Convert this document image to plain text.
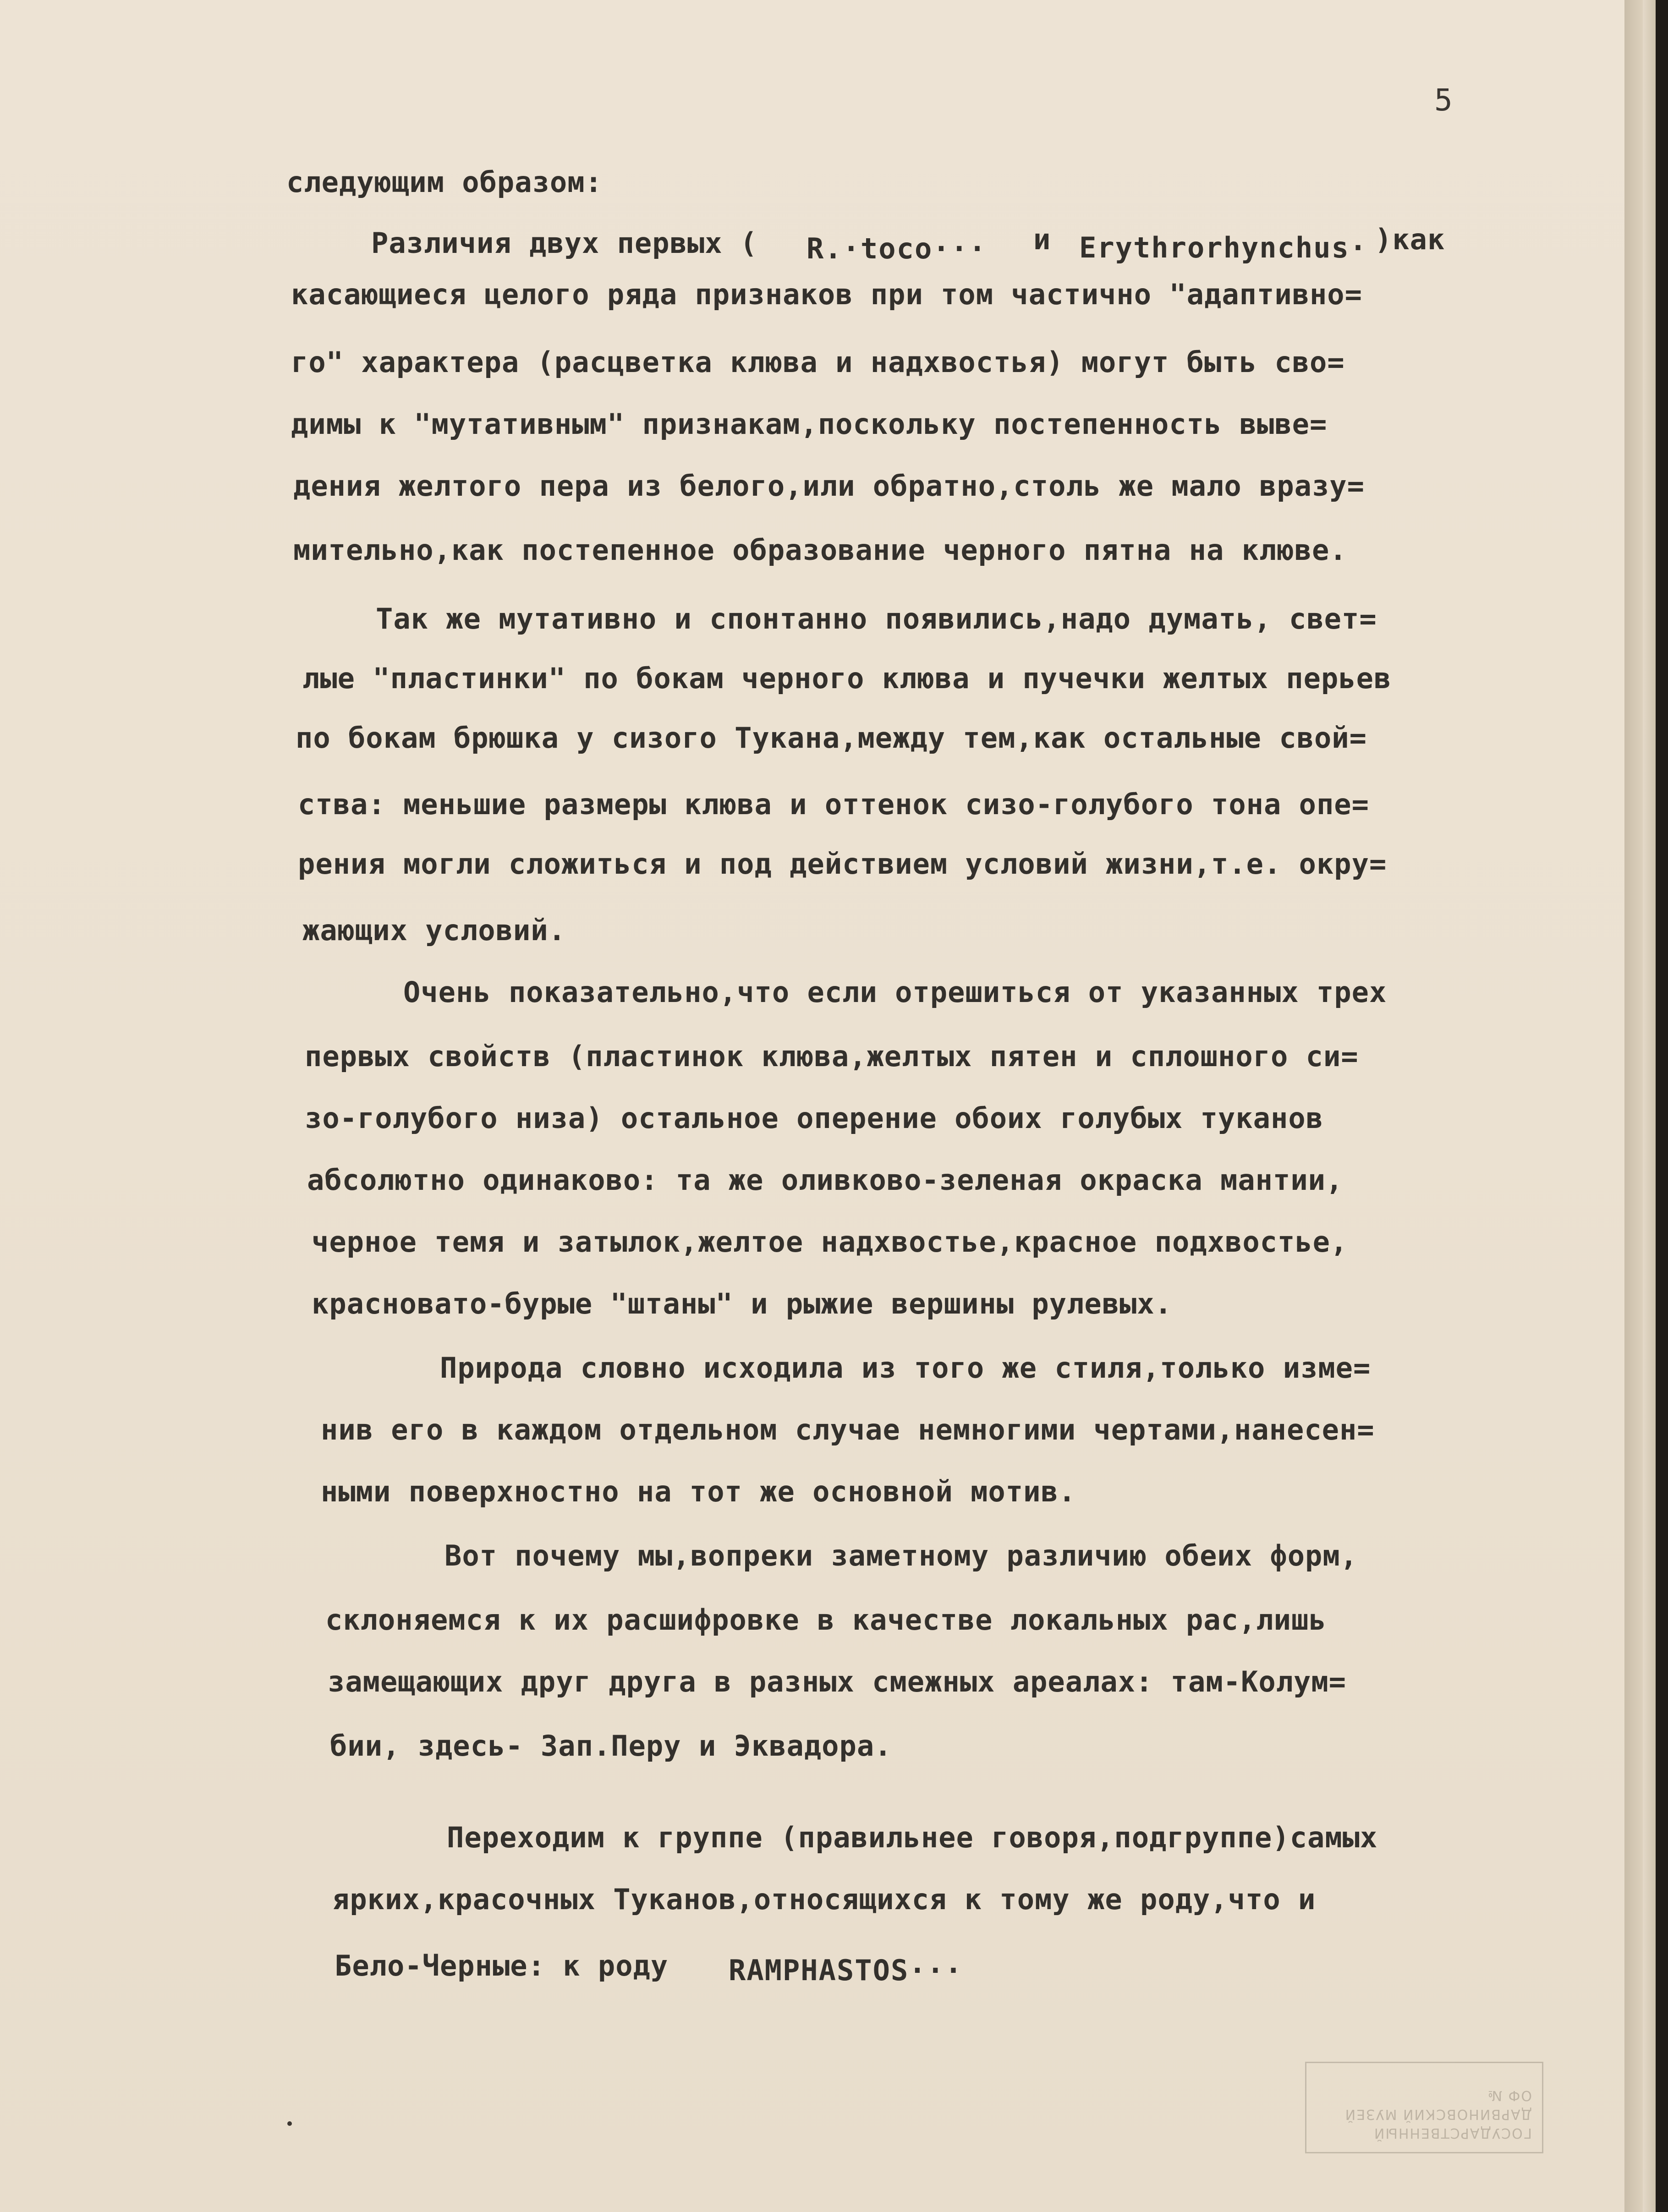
5
следующим образом:
Различия двух первых ( R.·toco··· и Erythrorhynchus· )как
касающиеся целого ряда признаков при том частично "адаптивно=
го" характера (расцветка клюва и надхвостья) могут быть сво=
димы к "мутативным" признакам,поскольку постепенность выве=
дения желтого пера из белого,или обратно,столь же мало вразу=
мительно,как постепенное образование черного пятна на клюве.
Так же мутативно и спонтанно появились,надо думать, свет=
лые "пластинки" по бокам черного клюва и пучечки желтых перьев
по бокам брюшка у сизого Тукана,между тем,как остальные свой=
ства: меньшие размеры клюва и оттенок сизо-голубого тона опе=
рения могли сложиться и под действием условий жизни,т.е. окру=
жающих условий.
Очень показательно,что если отрешиться от указанных трех
первых свойств (пластинок клюва,желтых пятен и сплошного си=
зо-голубого низа) остальное оперение обоих голубых туканов
абсолютно одинаково: та же оливково-зеленая окраска мантии,
черное темя и затылок,желтое надхвостье,красное подхвостье,
красновато-бурые "штаны" и рыжие вершины рулевых.
Природа словно исходила из того же стиля,только изме=
нив его в каждом отдельном случае немногими чертами,нанесен=
ными поверхностно на тот же основной мотив.
Вот почему мы,вопреки заметному различию обеих форм,
склоняемся к их расшифровке в качестве локальных рас,лишь
замещающих друг друга в разных смежных ареалах: там-Колум=
бии, здесь- Зап.Перу и Эквадора.
Переходим к группе (правильнее говоря,подгруппе)самых
ярких,красочных Туканов,относящихся к тому же роду,что и
Бело-Черные: к роду RAMPHASTOS···
ГОСУДАРСТВЕННЫЙ
ДАРВИНОВСКИЙ МУЗЕЙ
ОФ №
